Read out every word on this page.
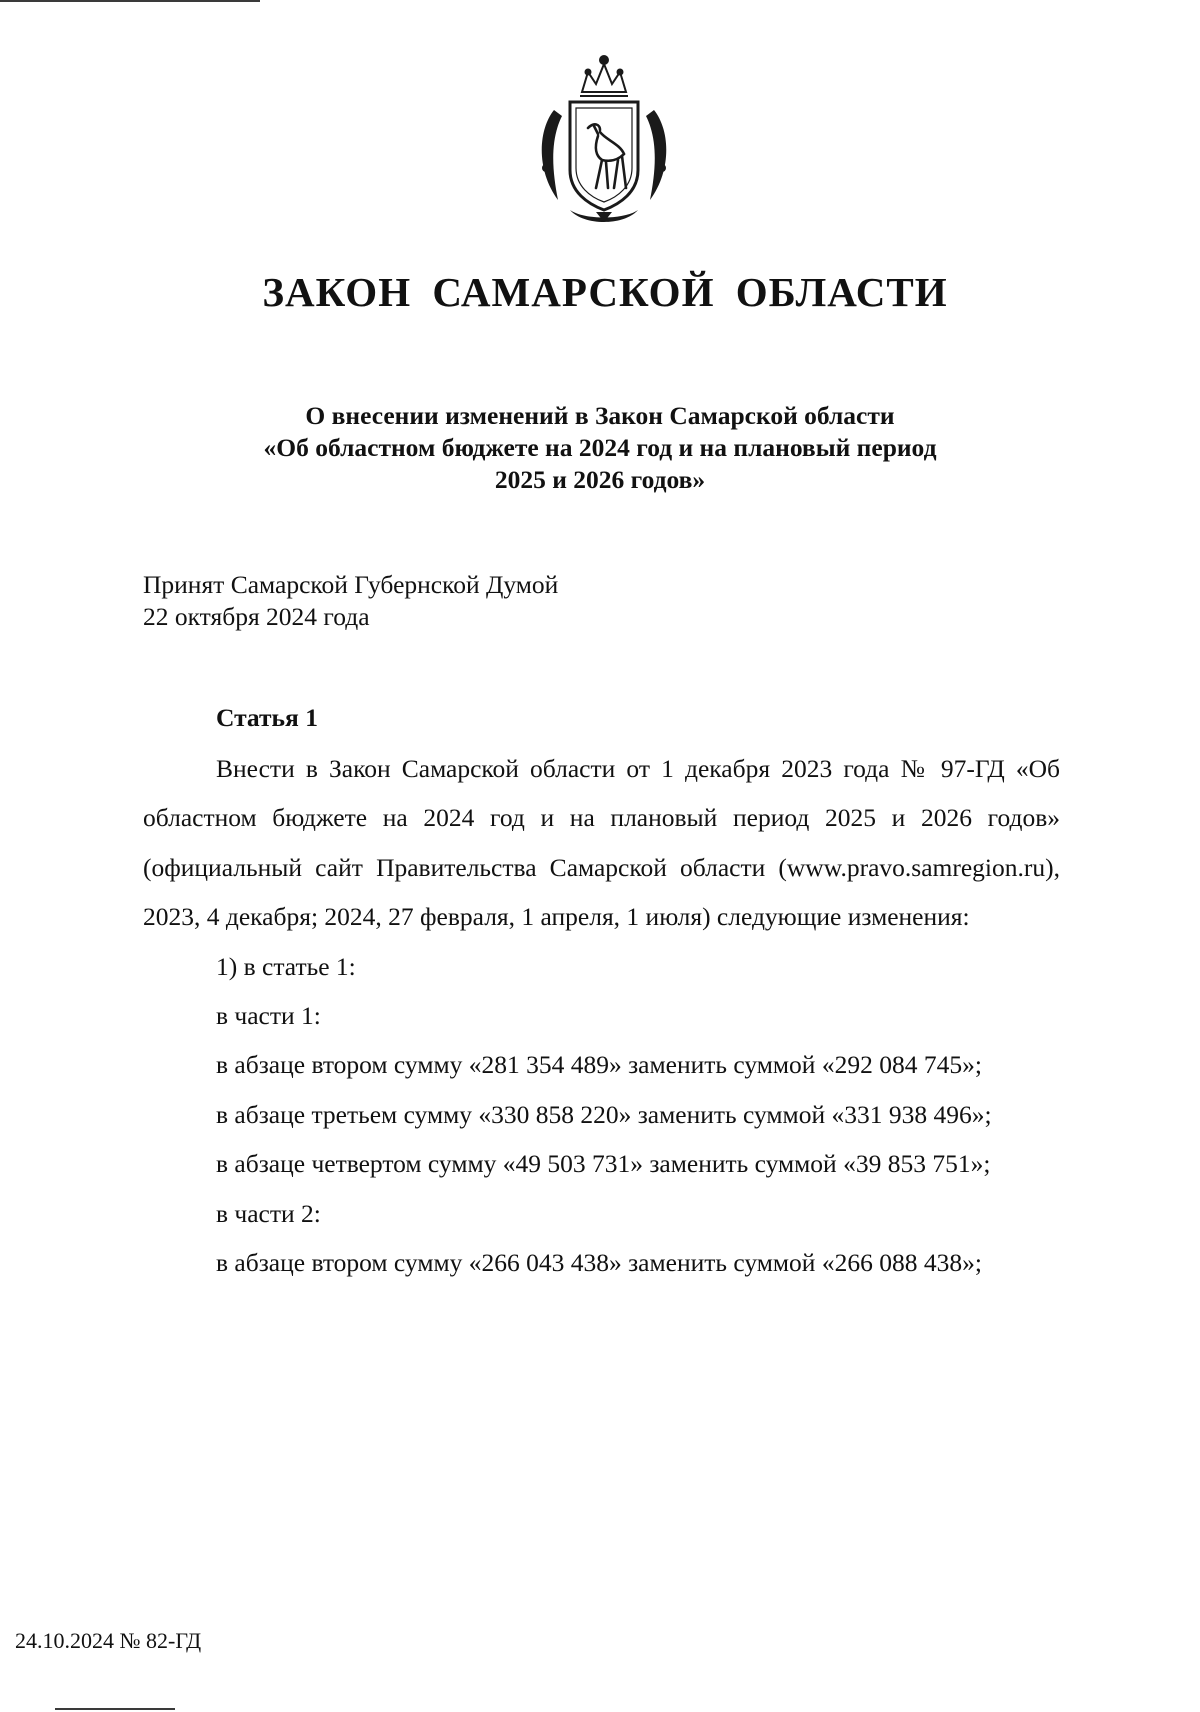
ЗАКОН САМАРСКОЙ ОБЛАСТИ
О внесении изменений в Закон Самарской области
«Об областном бюджете на 2024 год и на плановый период
2025 и 2026 годов»
Принят Самарской Губернской Думой
22 октября 2024 года
Статья 1

Внести в Закон Самарской области от 1 декабря 2023 года № 97-ГД «Об областном бюджете на 2024 год и на плановый период 2025 и 2026 годов» (официальный сайт Правительства Самарской области (www.pravo.samregion.ru), 2023, 4 декабря; 2024, 27 февраля, 1 апреля, 1 июля) следующие изменения:

1) в статье 1:

в части 1:

в абзаце втором сумму «281 354 489» заменить суммой «292 084 745»;

в абзаце третьем сумму «330 858 220» заменить суммой «331 938 496»;

в абзаце четвертом сумму «49 503 731» заменить суммой «39 853 751»;

в части 2:

в абзаце втором сумму «266 043 438» заменить суммой «266 088 438»;

24.10.2024 № 82-ГД
